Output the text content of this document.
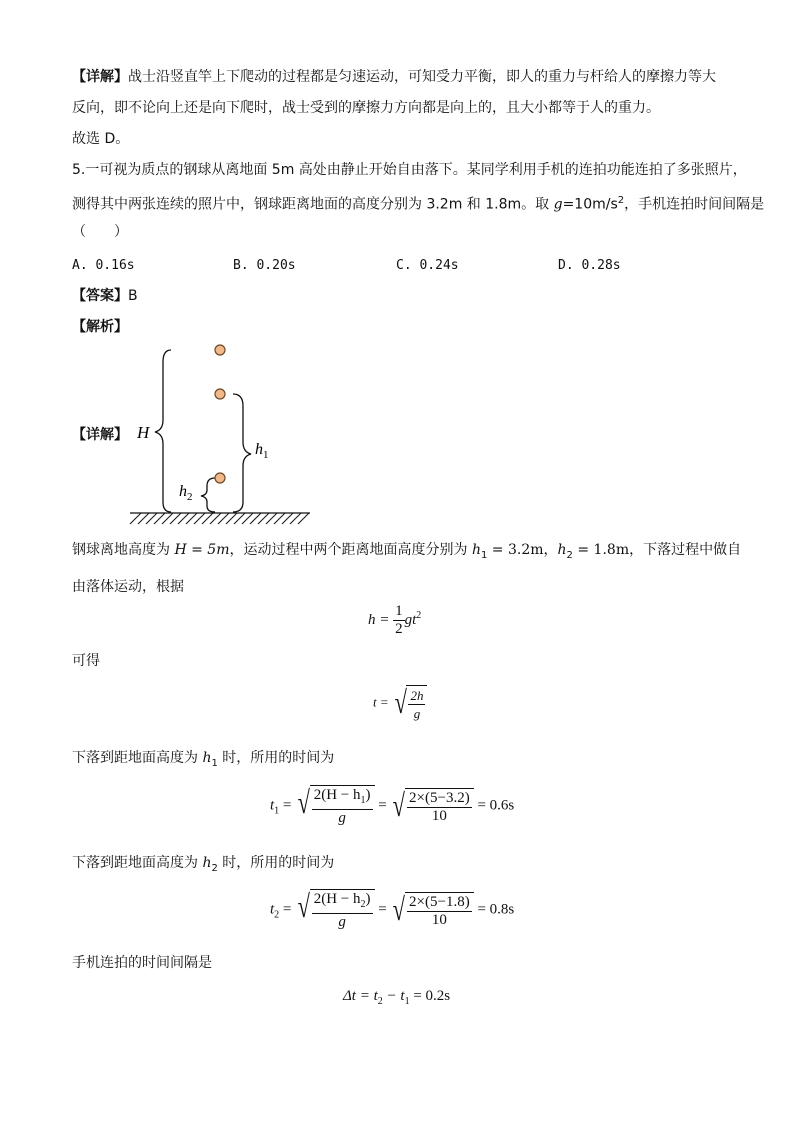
【详解】战士沿竖直竿上下爬动的过程都是匀速运动，可知受力平衡，即人的重力与杆给人的摩擦力等大
反向，即不论向上还是向下爬时，战士受到的摩擦力方向都是向上的，且大小都等于人的重力。
故选 D。
5.一可视为质点的钢球从离地面 5m 高处由静止开始自由落下。某同学利用手机的连拍功能连拍了多张照片，
测得其中两张连续的照片中，钢球距离地面的高度分别为 3.2m 和 1.8m。取 $g=10m/s^2$，手机连拍时间间隔是
（　　）
A. 0.16s	B. 0.20s	C. 0.24s	D. 0.28s
【答案】B
【解析】
【详解】 H
$h_1$
$h_2$
钢球离地高度为 H = 5m，运动过程中两个距离地面高度分别为 $h_1 = 3.2m$，$h_2 = 1.8m$，下落过程中做自
由落体运动，根据
$h = \frac{1}{2} gt^2$
可得
t = √ $\frac{2h}{g}$
下落到距地面高度为 $h_1$ 时，所用的时间为
$t_1$ = √ $\frac{2(H - h_1)}{g}$ = √ $\frac{2\times(5-3.2)}{10} = 0.6s$
下落到距地面高度为 $h_2$ 时，所用的时间为
$t_2$ = √ $\frac{2(H - h_2)}{g}$ = √ $\frac{2\times(5-1.8)}{10} = 0.8s$
手机连拍的时间间隔是
$\Delta t = t_2 - t_1 = 0.2s$
